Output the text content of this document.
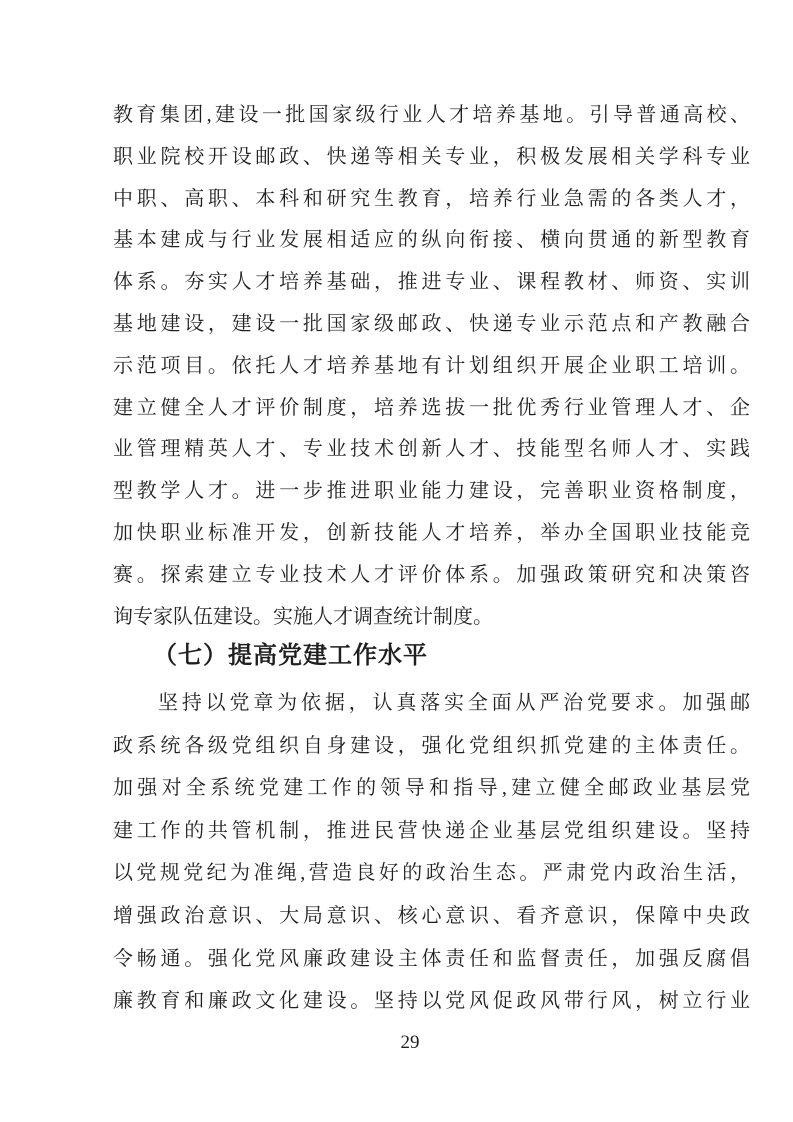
教育集团,建设一批国家级行业人才培养基地。引导普通高校、
职业院校开设邮政、快递等相关专业，积极发展相关学科专业
中职、高职、本科和研究生教育，培养行业急需的各类人才，
基本建成与行业发展相适应的纵向衔接、横向贯通的新型教育
体系。夯实人才培养基础，推进专业、课程教材、师资、实训
基地建设，建设一批国家级邮政、快递专业示范点和产教融合
示范项目。依托人才培养基地有计划组织开展企业职工培训。
建立健全人才评价制度，培养选拔一批优秀行业管理人才、企
业管理精英人才、专业技术创新人才、技能型名师人才、实践
型教学人才。进一步推进职业能力建设，完善职业资格制度，
加快职业标准开发，创新技能人才培养，举办全国职业技能竞
赛。探索建立专业技术人才评价体系。加强政策研究和决策咨
询专家队伍建设。实施人才调查统计制度。
（七）提高党建工作水平
坚持以党章为依据，认真落实全面从严治党要求。加强邮
政系统各级党组织自身建设，强化党组织抓党建的主体责任。
加强对全系统党建工作的领导和指导,建立健全邮政业基层党
建工作的共管机制，推进民营快递企业基层党组织建设。坚持
以党规党纪为准绳,营造良好的政治生态。严肃党内政治生活，
增强政治意识、大局意识、核心意识、看齐意识，保障中央政
令畅通。强化党风廉政建设主体责任和监督责任，加强反腐倡
廉教育和廉政文化建设。坚持以党风促政风带行风，树立行业
29
